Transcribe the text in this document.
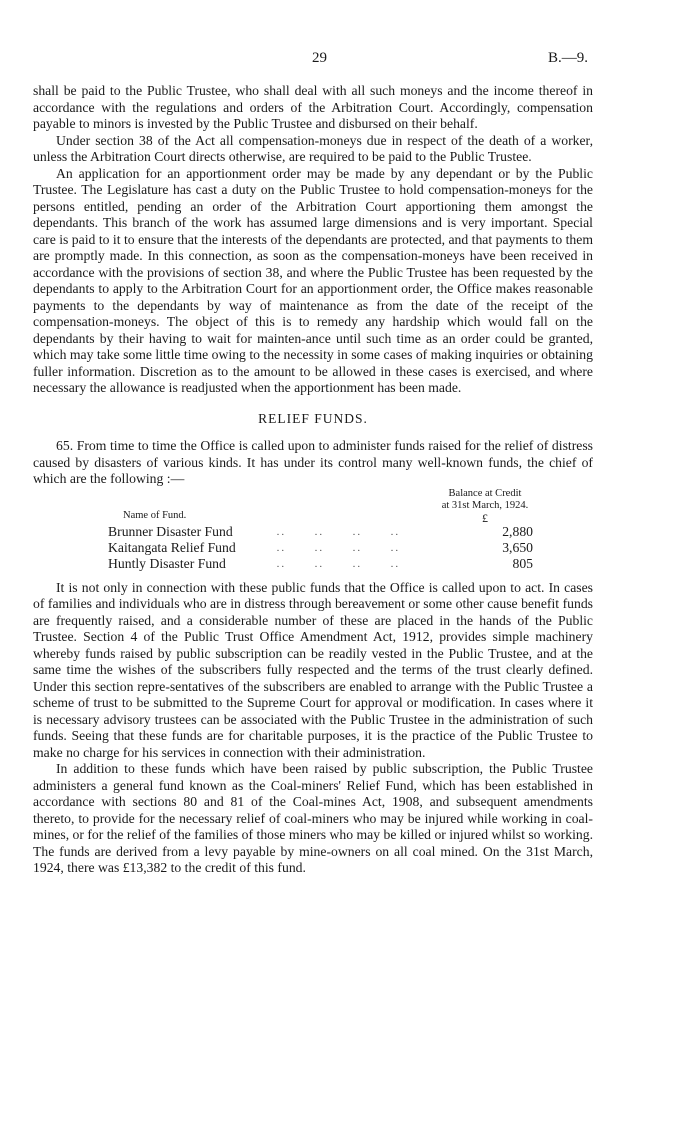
29	B.—9.

shall be paid to the Public Trustee, who shall deal with all such moneys and the income thereof in accordance with the regulations and orders of the Arbitration Court. Accordingly, compensation payable to minors is invested by the Public Trustee and disbursed on their behalf.

Under section 38 of the Act all compensation-moneys due in respect of the death of a worker, unless the Arbitration Court directs otherwise, are required to be paid to the Public Trustee.

An application for an apportionment order may be made by any dependant or by the Public Trustee. The Legislature has cast a duty on the Public Trustee to hold compensation-moneys for the persons entitled, pending an order of the Arbitration Court apportioning them amongst the dependants. This branch of the work has assumed large dimensions and is very important. Special care is paid to it to ensure that the interests of the dependants are protected, and that payments to them are promptly made. In this connection, as soon as the compensation-moneys have been received in accordance with the provisions of section 38, and where the Public Trustee has been requested by the dependants to apply to the Arbitration Court for an apportionment order, the Office makes reasonable payments to the dependants by way of maintenance as from the date of the receipt of the compensation-moneys. The object of this is to remedy any hardship which would fall on the dependants by their having to wait for mainten-ance until such time as an order could be granted, which may take some little time owing to the necessity in some cases of making inquiries or obtaining fuller information. Discretion as to the amount to be allowed in these cases is exercised, and where necessary the allowance is readjusted when the apportionment has been made.

RELIEF FUNDS.

65. From time to time the Office is called upon to administer funds raised for the relief of distress caused by disasters of various kinds. It has under its control many well-known funds, the chief of which are the following :—

Name of Fund.		Balance at Credit
at 31st March, 1924.
£

Brunner Disaster Fund	..      ..      ..      ..	2,880
Kaitangata Relief Fund	..      ..      ..      ..	3,650
Huntly Disaster Fund	..      ..      ..      ..	805

It is not only in connection with these public funds that the Office is called upon to act. In cases of families and individuals who are in distress through bereavement or some other cause benefit funds are frequently raised, and a considerable number of these are placed in the hands of the Public Trustee. Section 4 of the Public Trust Office Amendment Act, 1912, provides simple machinery whereby funds raised by public subscription can be readily vested in the Public Trustee, and at the same time the wishes of the subscribers fully respected and the terms of the trust clearly defined. Under this section repre-sentatives of the subscribers are enabled to arrange with the Public Trustee a scheme of trust to be submitted to the Supreme Court for approval or modification. In cases where it is necessary advisory trustees can be associated with the Public Trustee in the administration of such funds. Seeing that these funds are for charitable purposes, it is the practice of the Public Trustee to make no charge for his services in connection with their administration.

In addition to these funds which have been raised by public subscription, the Public Trustee administers a general fund known as the Coal-miners' Relief Fund, which has been established in accordance with sections 80 and 81 of the Coal-mines Act, 1908, and subsequent amendments thereto, to provide for the necessary relief of coal-miners who may be injured while working in coal-mines, or for the relief of the families of those miners who may be killed or injured whilst so working. The funds are derived from a levy payable by mine-owners on all coal mined. On the 31st March, 1924, there was £13,382 to the credit of this fund.
